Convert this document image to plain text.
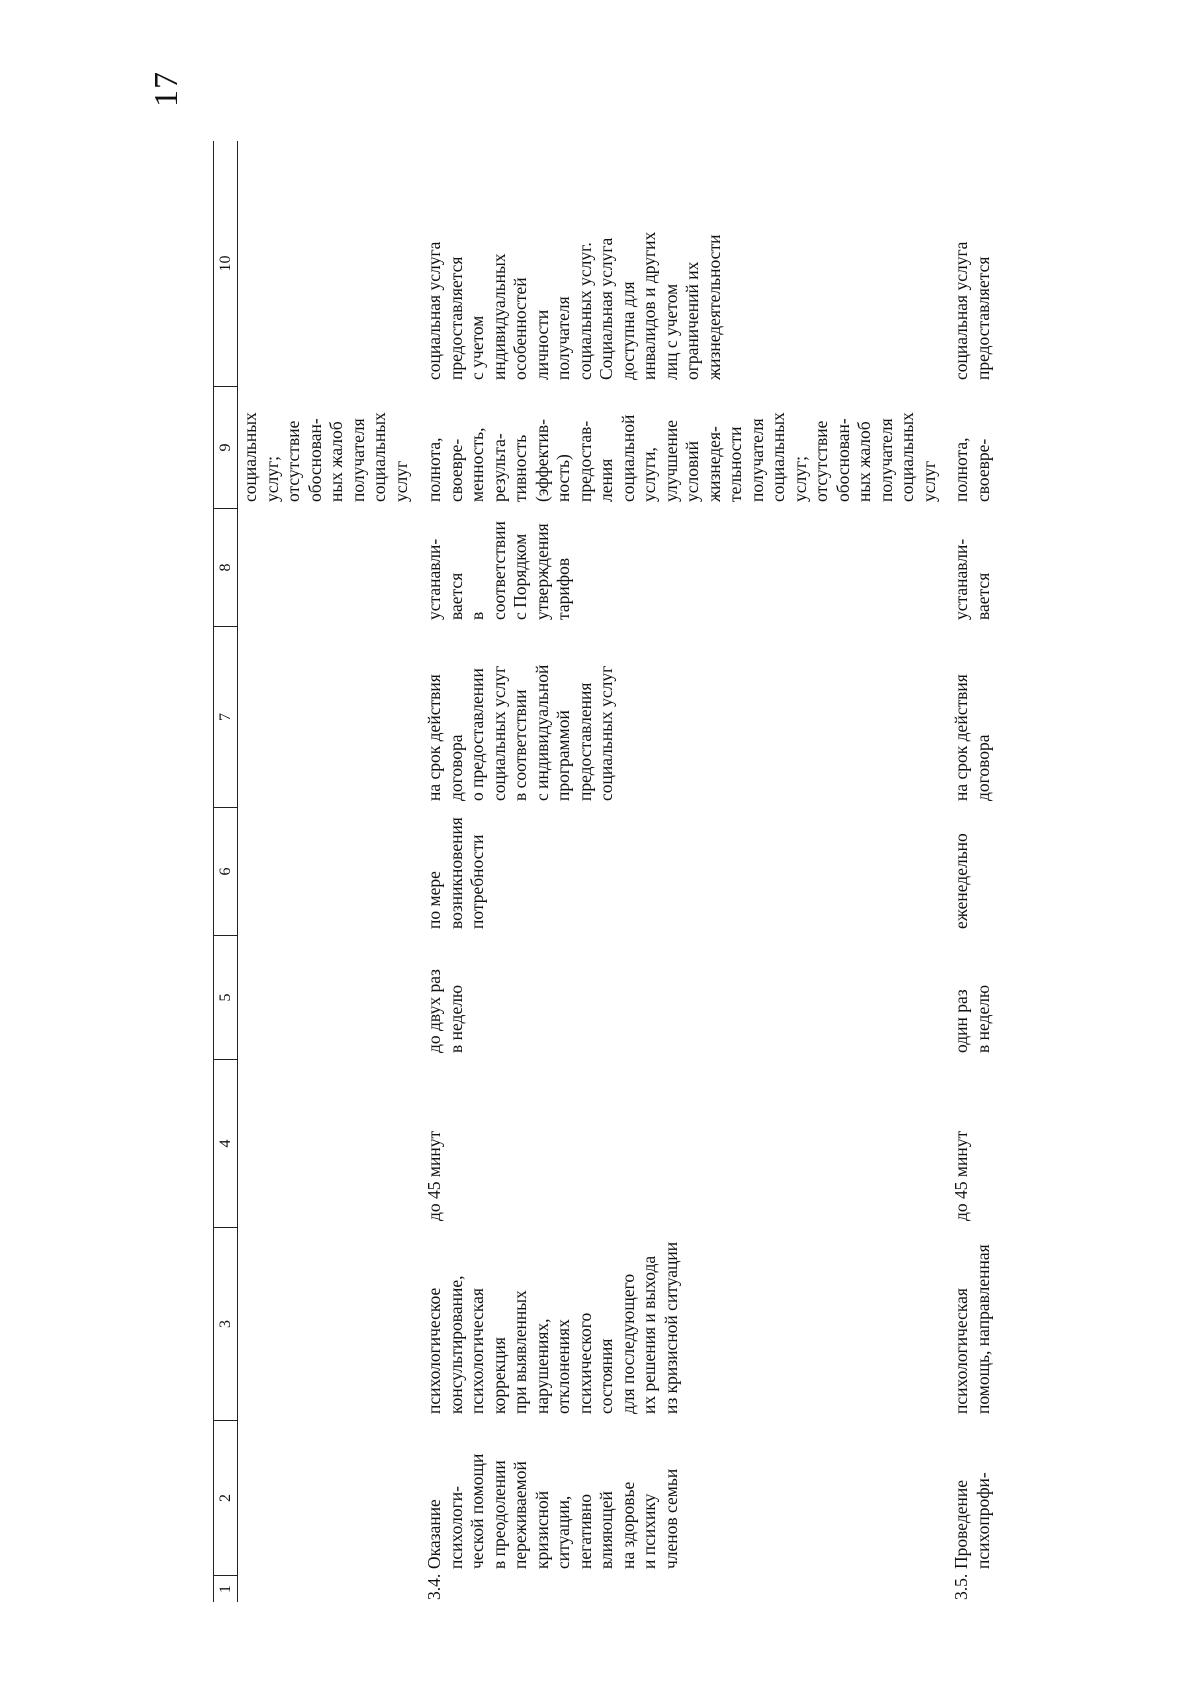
17
1
2
3
4
5
6
7
8
9
10
социальных услуг; отсутствие обоснован- ных жалоб получателя социальных услуг
3.4.
Оказание психологи- ческой помощи в преодолении переживаемой кризисной ситуации, негативно влияющей на здоровье и психику членов семьи
психологическое консультирование, психологическая коррекция при выявленных нарушениях, отклонениях психического состояния для последующего их решения и выхода из кризисной ситуации
до 45 минут
до двух раз в неделю
по мере возникновения потребности
на срок действия договора о предоставлении социальных услуг в соответствии с индивидуальной программой предоставления социальных услуг
устанавли- вается в соответствии с Порядком утверждения тарифов
полнота, своевре- менность, результа- тивность (эффектив- ность) предостав- ления социальной услуги, улучшение условий жизнедея- тельности получателя социальных услуг; отсутствие обоснован- ных жалоб получателя социальных услуг
социальная услуга предоставляется с учетом индивидуальных особенностей личности получателя социальных услуг. Социальная услуга доступна для инвалидов и других лиц с учетом ограничений их жизнедеятельности
3.5.
Проведение психопрофи-
психологическая помощь, направленная
до 45 минут
один раз в неделю
еженедельно
на срок действия договора
устанавли- вается
полнота, своевре-
социальная услуга предоставляется
